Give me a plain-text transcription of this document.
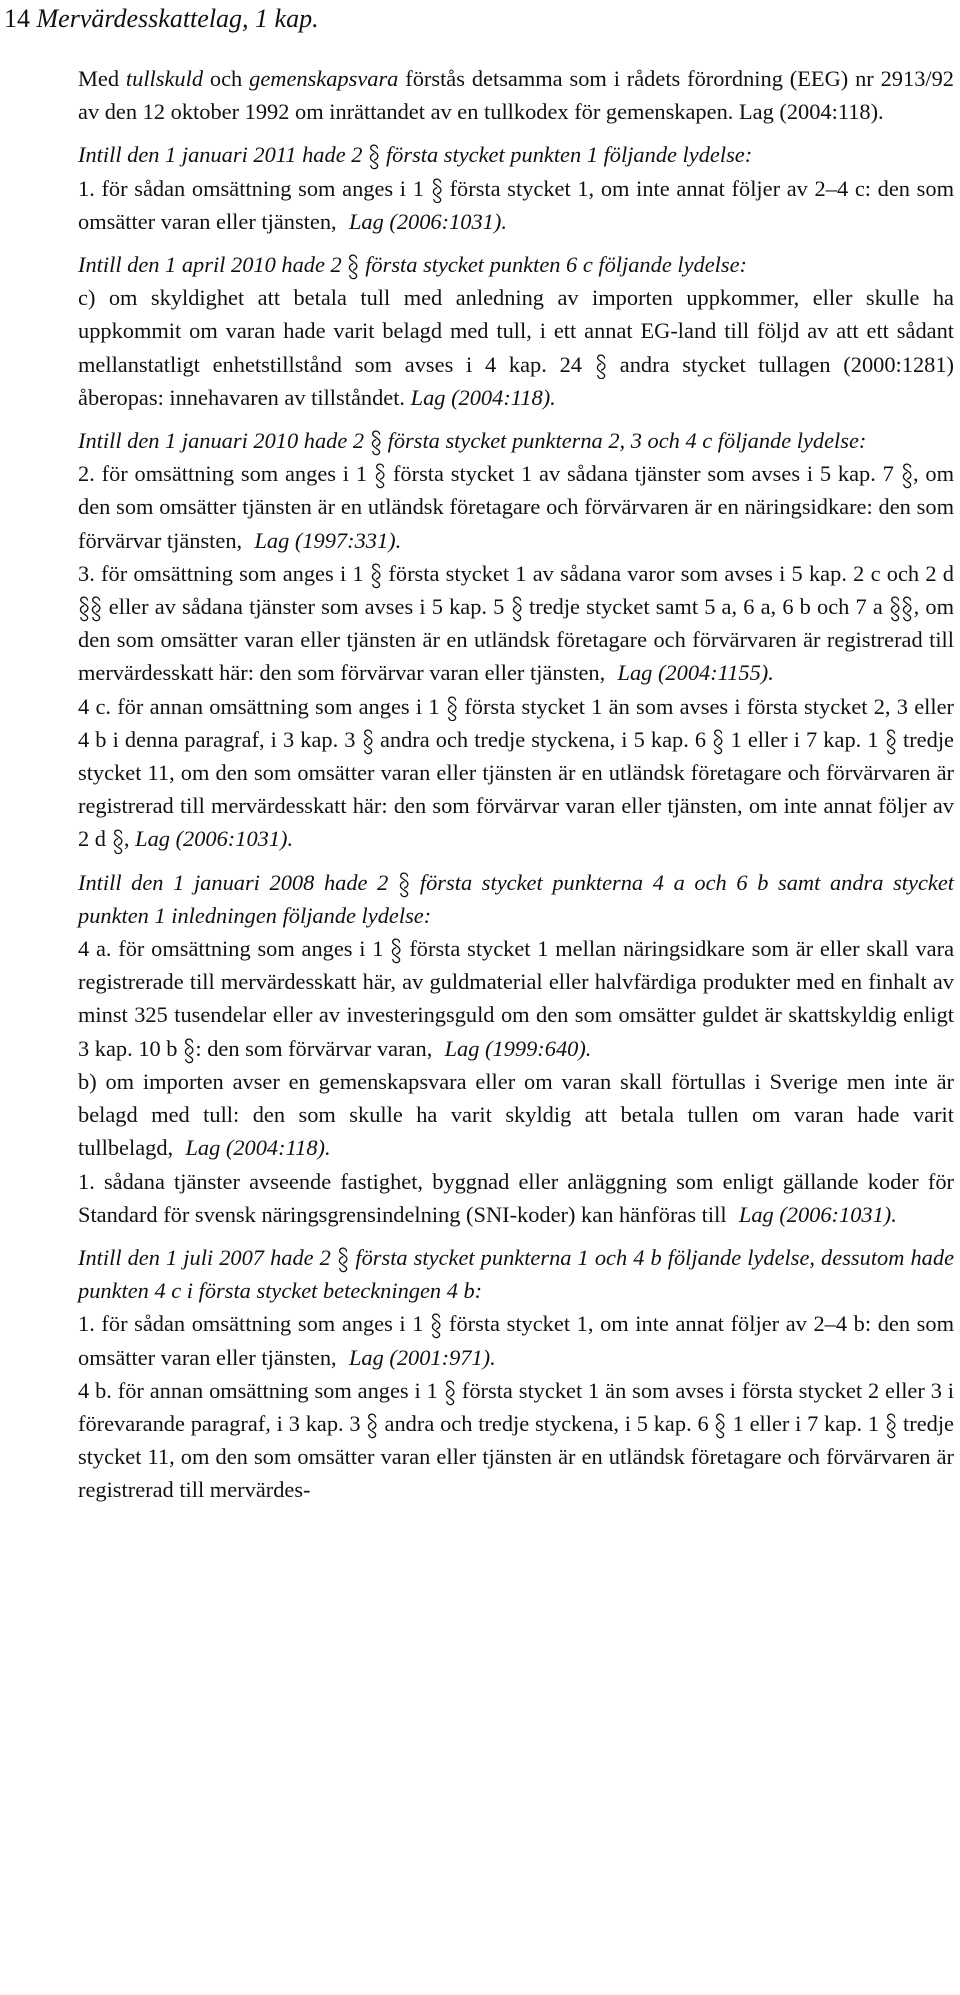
14 Mervärdesskattelag, 1 kap.

Med tullskuld och gemenskapsvara förstås detsamma som i rådets förordning (EEG) nr 2913/92 av den 12 oktober 1992 om inrättandet av en tullkodex för gemenskapen. Lag (2004:118).

Intill den 1 januari 2011 hade 2
första stycket punkten 1 följande lydelse:

1. för sådan omsättning som anges i 1
första stycket 1, om inte annat följer av 2–4 c: den som omsätter varan eller tjänsten, Lag (2006:1031).

Intill den 1 april 2010 hade 2
första stycket punkten 6 c följande lydelse:

c) om skyldighet att betala tull med anledning av importen uppkommer, eller skulle ha uppkommit om varan hade varit belagd med tull, i ett annat EG-land till följd av att ett sådant mellanstatligt enhetstillstånd som avses i 4 kap. 24
andra stycket tullagen (2000:1281) åberopas: innehavaren av tillståndet. Lag (2004:118).

Intill den 1 januari 2010 hade 2
första stycket punkterna 2, 3 och 4 c följande lydelse:

2. för omsättning som anges i 1
första stycket 1 av sådana tjänster som avses i 5 kap. 7
, om den som omsätter tjänsten är en utländsk företagare och förvärvaren är en näringsidkare: den som förvärvar tjänsten, Lag (1997:331).

3. för omsättning som anges i 1
första stycket 1 av sådana varor som avses i 5 kap. 2 c och 2 d
eller av sådana tjänster som avses i 5 kap. 5
tredje stycket samt 5 a, 6 a, 6 b och 7 a
, om den som omsätter varan eller tjänsten är en utländsk företagare och förvärvaren är registrerad till mervärdesskatt här: den som förvärvar varan eller tjänsten, Lag (2004:1155).

4 c. för annan omsättning som anges i 1
första stycket 1 än som avses i första stycket 2, 3 eller 4 b i denna paragraf, i 3 kap. 3
andra och tredje styckena, i 5 kap. 6
1 eller i 7 kap. 1
tredje stycket 11, om den som omsätter varan eller tjänsten är en utländsk företagare och förvärvaren är registrerad till mervärdesskatt här: den som förvärvar varan eller tjänsten, om inte annat följer av 2 d
, Lag (2006:1031).

Intill den 1 januari 2008 hade 2
första stycket punkterna 4 a och 6 b samt andra stycket punkten 1 inledningen följande lydelse:

4 a. för omsättning som anges i 1
första stycket 1 mellan näringsidkare som är eller skall vara registrerade till mervärdesskatt här, av guldmaterial eller halvfärdiga produkter med en finhalt av minst 325 tusendelar eller av investeringsguld om den som omsätter guldet är skattskyldig enligt 3 kap. 10 b
: den som förvärvar varan, Lag (1999:640).

b) om importen avser en gemenskapsvara eller om varan skall förtullas i Sverige men inte är belagd med tull: den som skulle ha varit skyldig att betala tullen om varan hade varit tullbelagd, Lag (2004:118).

1. sådana tjänster avseende fastighet, byggnad eller anläggning som enligt gällande koder för Standard för svensk näringsgrensindelning (SNI-koder) kan hänföras till Lag (2006:1031).

Intill den 1 juli 2007 hade 2
första stycket punkterna 1 och 4 b följande lydelse, dessutom hade punkten 4 c i första stycket beteckningen 4 b:

1. för sådan omsättning som anges i 1
första stycket 1, om inte annat följer av 2–4 b: den som omsätter varan eller tjänsten, Lag (2001:971).

4 b. för annan omsättning som anges i 1
första stycket 1 än som avses i första stycket 2 eller 3 i förevarande paragraf, i 3 kap. 3
andra och tredje styckena, i 5 kap. 6
1 eller i 7 kap. 1
tredje stycket 11, om den som omsätter varan eller tjänsten är en utländsk företagare och förvärvaren är registrerad till mervärdes-
